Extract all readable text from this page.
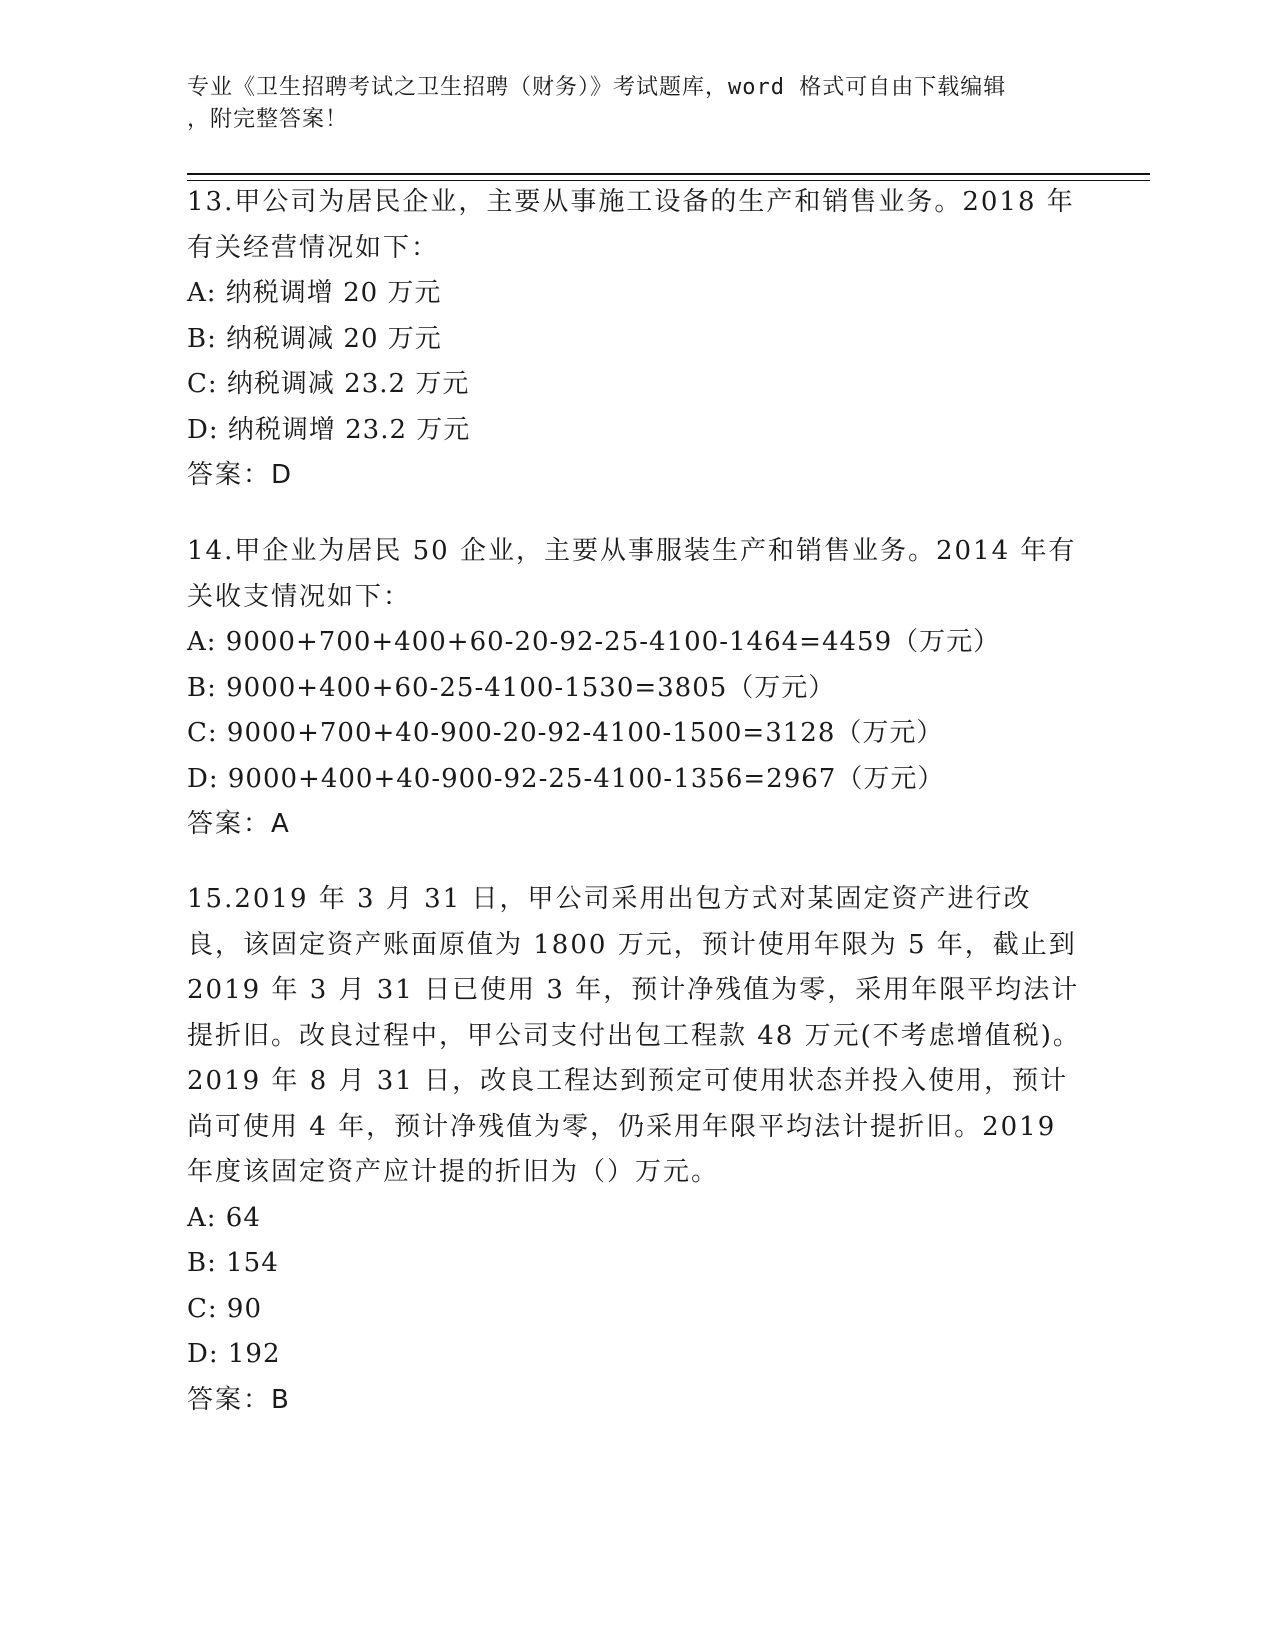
专业《卫生招聘考试之卫生招聘（财务）》考试题库，word 格式可自由下载编辑
，附完整答案！

13.甲公司为居民企业，主要从事施工设备的生产和销售业务。2018 年有关经营情况如下：

A: 纳税调增 20 万元

B: 纳税调减 20 万元

C: 纳税调减 23.2 万元

D: 纳税调增 23.2 万元

答案：D

14.甲企业为居民 50 企业，主要从事服装生产和销售业务。2014 年有关收支情况如下：

A: 9000+700+400+60-20-92-25-4100-1464=4459（万元）

B: 9000+400+60-25-4100-1530=3805（万元）

C: 9000+700+40-900-20-92-4100-1500=3128（万元）

D: 9000+400+40-900-92-25-4100-1356=2967（万元）

答案：A

15.2019 年 3 月 31 日，甲公司采用出包方式对某固定资产进行改良，该固定资产账面原值为 1800 万元，预计使用年限为 5 年，截止到 2019 年 3 月 31 日已使用 3 年，预计净残值为零，采用年限平均法计提折旧。改良过程中，甲公司支付出包工程款 48 万元(不考虑增值税)。2019 年 8 月 31 日，改良工程达到预定可使用状态并投入使用，预计尚可使用 4 年，预计净残值为零，仍采用年限平均法计提折旧。2019 年度该固定资产应计提的折旧为（）万元。

A: 64

B: 154

C: 90

D: 192

答案：B
